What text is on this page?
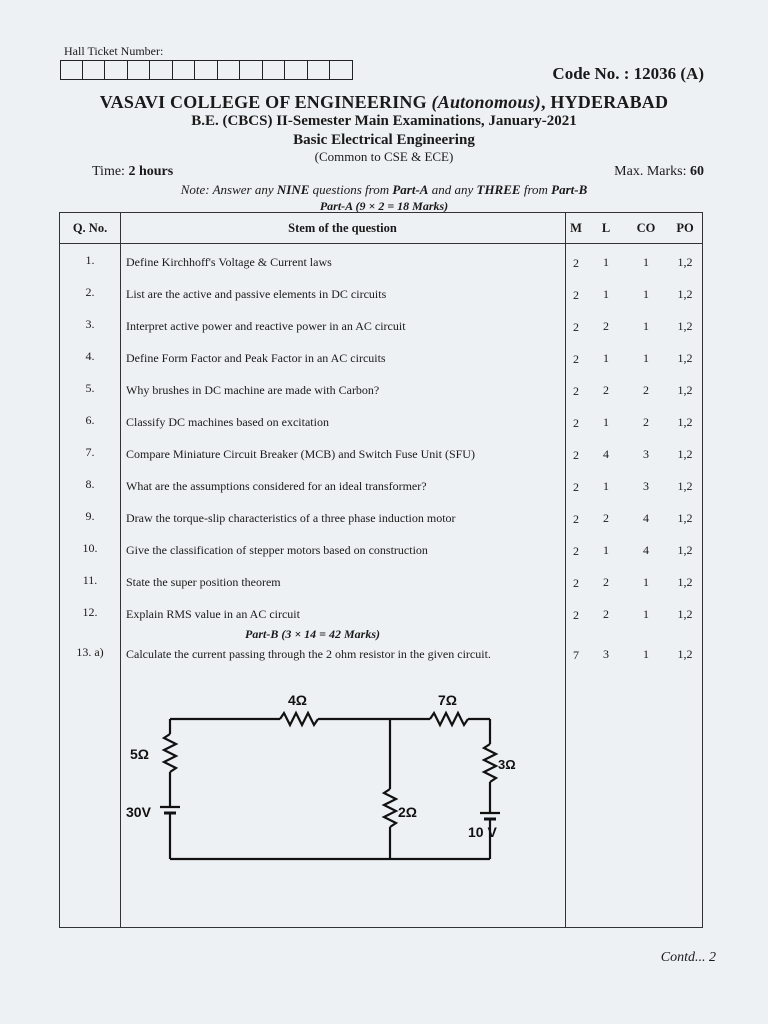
Hall Ticket Number:
Code No. : 12036 (A)
VASAVI COLLEGE OF ENGINEERING (Autonomous), HYDERABAD
B.E. (CBCS) II-Semester Main Examinations, January-2021
Basic Electrical Engineering
(Common to CSE & ECE)
Time: 2 hours	Max. Marks: 60
Note: Answer any NINE questions from Part-A and any THREE from Part-B
Part-A (9 × 2 = 18 Marks)
Q. No.	Stem of the question	M	L	CO	PO
Part-B (3 × 14 = 42 Marks)
13. a)	Calculate the current passing through the 2 ohm resistor in the given circuit.	7	3	1	1,2
4Ω	7Ω
5Ω
2Ω
3Ω
30V
10 V
1.	Define Kirchhoff's Voltage & Current laws	2	1	1	1,2
2.	List are the active and passive elements in DC circuits	2	1	1	1,2
3.	Interpret active power and reactive power in an AC circuit	2	2	1	1,2
4.	Define Form Factor and Peak Factor in an AC circuits	2	1	1	1,2
5.	Why brushes in DC machine are made with Carbon?	2	2	2	1,2
6.	Classify DC machines based on excitation	2	1	2	1,2
7.	Compare Miniature Circuit Breaker (MCB) and Switch Fuse Unit (SFU)	2	4	3	1,2
8.	What are the assumptions considered for an ideal transformer?	2	1	3	1,2
9.	Draw the torque-slip characteristics of a three phase induction motor	2	2	4	1,2
10.	Give the classification of stepper motors based on construction	2	1	4	1,2
11.	State the super position theorem	2	2	1	1,2
12.	Explain RMS value in an AC circuit	2	2	1	1,2
Contd... 2
